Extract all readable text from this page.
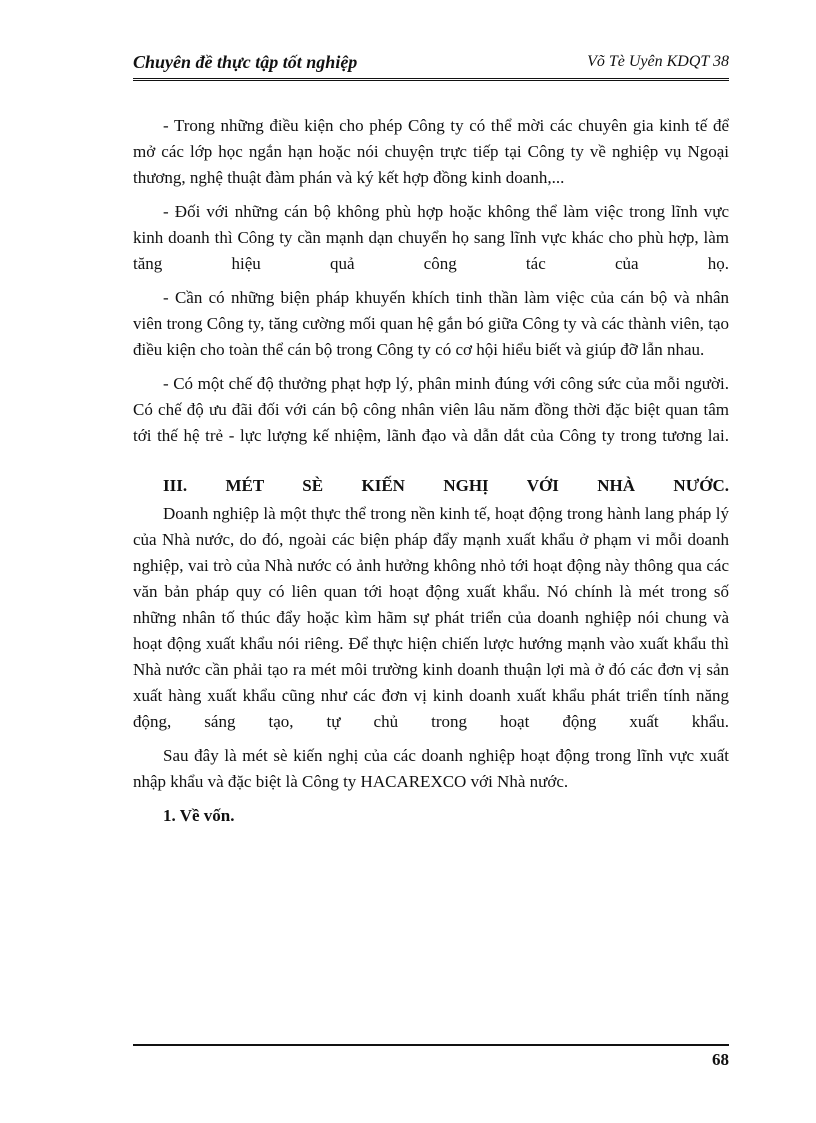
Chuyên đề thực tập tốt nghiệp	Võ Tè Uyên KDQT 38

- Trong những điều kiện cho phép Công ty có thể mời các chuyên gia kinh tế để mở các lớp học ngắn hạn hoặc nói chuyện trực tiếp tại Công ty về nghiệp vụ Ngoại thương, nghệ thuật đàm phán và ký kết hợp đồng kinh doanh,...

- Đối với những cán bộ không phù hợp hoặc không thể làm việc trong lĩnh vực kinh doanh thì Công ty cần mạnh dạn chuyển họ sang lĩnh vực khác cho phù hợp, làm tăng hiệu quả công tác của họ.

- Cần có những biện pháp khuyến khích tinh thần làm việc của cán bộ và nhân viên trong Công ty, tăng cường mối quan hệ gắn bó giữa Công ty và các thành viên, tạo điều kiện cho toàn thể cán bộ trong Công ty có cơ hội hiểu biết và giúp đỡ lẫn nhau.

- Có một chế độ thưởng phạt hợp lý, phân minh đúng với công sức của mỗi người. Có chế độ ưu đãi đối với cán bộ công nhân viên lâu năm đồng thời đặc biệt quan tâm tới thế hệ trẻ - lực lượng kế nhiệm, lãnh đạo và dẫn dắt của Công ty trong tương lai.

III. MÉT SÈ KIẾN NGHỊ VỚI NHÀ NƯỚC.

Doanh nghiệp là một thực thể trong nền kinh tế, hoạt động trong hành lang pháp lý của Nhà nước, do đó, ngoài các biện pháp đẩy mạnh xuất khẩu ở phạm vi mỗi doanh nghiệp, vai trò của Nhà nước có ảnh hưởng không nhỏ tới hoạt động này thông qua các văn bản pháp quy có liên quan tới hoạt động xuất khẩu. Nó chính là mét trong số những nhân tố thúc đẩy hoặc kìm hãm sự phát triển của doanh nghiệp nói chung và hoạt động xuất khẩu nói riêng. Để thực hiện chiến lược hướng mạnh vào xuất khẩu thì Nhà nước cần phải tạo ra mét môi trường kinh doanh thuận lợi mà ở đó các đơn vị sản xuất hàng xuất khẩu cũng như các đơn vị kinh doanh xuất khẩu phát triển tính năng động, sáng tạo, tự chủ trong hoạt động xuất khẩu.

Sau đây là mét sè kiến nghị của các doanh nghiệp hoạt động trong lĩnh vực xuất nhập khẩu và đặc biệt là Công ty HACAREXCO với Nhà nước.

1. Về vốn.
68
